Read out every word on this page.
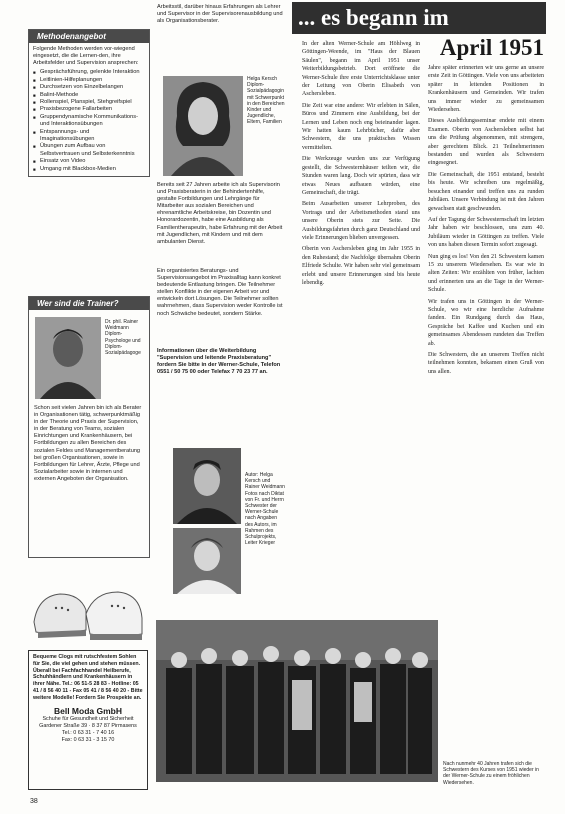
Methodenangebot
Folgende Methoden werden vor-wiegend eingesetzt, die die Lernen-den, ihre Arbeitsfelder und Supervision ansprechen:
■ Gesprächsführung, gelenkte Interaktion
■ Leitlinien-Hilfeplanungen
■ Durchsetzen von Einzelbelangen
■ Balint-Methode
■ Rollenspiel, Planspiel, Stehgreifspiel
■ Praxisbezogene Fallarbeiten
■ Gruppendynamische Kommunikations- und Interaktionsübungen
■ Entspannungs- und Imaginationsübungen
■ Übungen zum Aufbau von Selbstvertrauen und Selbsterkenntnis
■ Einsatz von Video
■ Umgang mit Blackbox-Medien
Wer sind die Trainer?
Dr. phil. Rainer Weidmann Diplom-Psychologe und Diplom-Sozialpädagoge
Schon seit vielen Jahren bin ich als Berater in Organisationen tätig, schwerpunktmäßig in der Theorie und Praxis der Supervision, in der Beratung von Teams, sozialen Einrichtungen und Krankenhäusern, bei Fortbildungen zu allen Bereichen des sozialen Feldes und Managementberatung bei großen Organisationen, sowie in Fortbildungen für Lehrer, Ärzte, Pflege und Sozialarbeiter sowie in internen und externen Angeboten der Organisation.
Bequeme Clogs mit rutschfestem Sohlen für Sie, die viel gehen und stehen müssen. Überall bei Fachfachhandel Heilberufe, Schuhhändlern und Krankenhäusern in ihrer Nähe. Tel.: 06 51-5 28 83 - Hotline: 05 41 / 8 56 40 11 - Fax 05 41 / 8 56 40 20 - Bitte weitere Modelle! Fordern Sie Prospekte an.
Bell Moda GmbH
Schuhe für Gesundheit und Sicherheit
Gardener Straße 39 · 8 37 87 Pirmasens
Tel.: 0 63 31 - 7 40 16
Fax: 0 63 31 - 3 15 70
38
Arbeitsstil, darüber hinaus Erfahrungen als Lehrer und Supervisor in der Supervisorenausbildung und als Organisationsberater.
Helga Kersch Diplom-Sozialpädagogin mit Schwerpunkt in den Bereichen Kinder und Jugendliche, Eltern, Familien
Bereits seit 27 Jahren arbeite ich als Supervisorin und Praxisberaterin in der Behindertenhilfe, gestalte Fortbildungen und Lehrgänge für Mitarbeiter aus sozialen Bereichen und ehrenamtliche Arbeitskreise, bin Dozentin und Honorardozentin, habe eine Ausbildung als Familientherapeutin, habe Erfahrung mit der Arbeit mit Jugendlichen, mit Kindern und mit dem ambulanten Dienst.
Ein organisiertes Beratungs- und Supervisionsangebot im Praxisalltag kann konkret bedeutende Entlastung bringen. Die Teilnehmer stellen Konflikte in der eigenen Arbeit vor und entwickeln dort Lösungen. Die Teilnehmer sollten wahrnehmen, dass Supervision weder Kontrolle ist noch Schwäche bedeutet, sondern Stärke.
Informationen über die Weiterbildung "Supervision und leitende Praxisberatung" fordern Sie bitte in der Werner-Schule, Telefon 0551 / 50 75 00 oder Telefax 7 70 23 77 an.
Autor: Helga Kersch und Rainer Weidmann Fotos nach Diktat von Fr. und Herrn Schwester der Werner-Schule nach Angaben des Autors, im Rahmen des Schulprojekts, Leiter Krieger
... es begann im
April 1951

In der alten Werner-Schule am Höhlweg in Göttingen-Weende, im "Haus der Blauen Säulen", begann im April 1951 unser Weiterbildungsbetrieb. Dort eröffnete die Werner-Schule ihre erste Unterrichtsklasse unter der Leitung von Oberin Elisabeth von Aschersleben.

Die Zeit war eine andere: Wir erlebten in Sälen, Büros und Zimmern eine Ausbildung, bei der Lernen und Leben noch eng beieinander lagen. Wir hatten kaum Lehrbücher, dafür aber Schwestern, die uns praktisches Wissen vermittelten.

Die Werkzeuge wurden uns zur Verfügung gestellt, die Schwesternhäuser teilten wir, die Stunden waren lang. Doch wir spürten, dass wir etwas Neues aufbauen würden, eine Gemeinschaft, die trägt.

Beim Ausarbeiten unserer Lehrproben, des Vortrags und der Arbeitsmethoden stand uns unsere Oberin stets zur Seite. Die Ausbildungsfahrten durch ganz Deutschland und viele Erinnerungen blieben unvergessen.

Oberin von Aschersleben ging im Jahr 1955 in den Ruhestand; die Nachfolge übernahm Oberin Elfriede Schulte. Wir haben sehr viel gemeinsam erlebt und unsere Erinnerungen sind bis heute lebendig.

Jahre später erinnerten wir uns gerne an unsere erste Zeit in Göttingen. Viele von uns arbeiteten später in leitenden Positionen in Krankenhäusern und Gemeinden. Wir trafen uns immer wieder zu gemeinsamen Wiedersehen.

Dieses Ausbildungsseminar endete mit einem Examen. Oberin von Aschersleben selbst hat uns die Prüfung abgenommen, mit strengem, aber gerechtem Blick. 21 Teilnehmerinnen bestanden und wurden als Schwestern eingesegnet.

Die Gemeinschaft, die 1951 entstand, besteht bis heute. Wir schreiben uns regelmäßig, besuchen einander und treffen uns zu runden Jubiläen. Unsere Verbindung ist mit den Jahren gewachsen statt geschwunden.

Auf der Tagung der Schwesternschaft im letzten Jahr haben wir beschlossen, uns zum 40. Jubiläum wieder in Göttingen zu treffen. Viele von uns haben diesen Termin sofort zugesagt.

Nun ging es los! Von den 21 Schwestern kamen 15 zu unserem Wiedersehen. Es war wie in alten Zeiten: Wir erzählten von früher, lachten und erinnerten uns an die Tage in der Werner-Schule.

Wir trafen uns in Göttingen in der Werner-Schule, wo wir eine herzliche Aufnahme fanden. Ein Rundgang durch das Haus, Gespräche bei Kaffee und Kuchen und ein gemeinsames Abendessen rundeten das Treffen ab.

Die Schwestern, die an unserem Treffen nicht teilnehmen konnten, bekamen einen Gruß von uns allen.

Nach nunmehr 40 Jahren trafen sich die Schwestern des Kurses von 1951 wieder in der Werner-Schule zu einem fröhlichen Wiedersehen.
